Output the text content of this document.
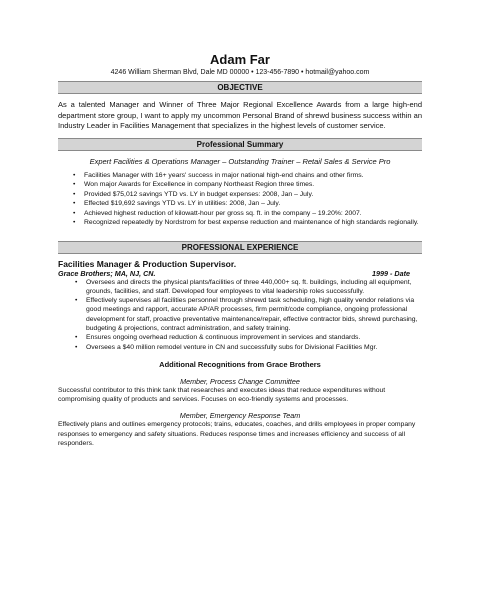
Adam Far
4246 William Sherman Blvd, Dale MD 00000 • 123-456-7890 • hotmail@yahoo.com
OBJECTIVE
As a talented Manager and Winner of Three Major Regional Excellence Awards from a large high-end department store group, I want to apply my uncommon Personal Brand of shrewd business success within an Industry Leader in Facilities Management that specializes in the highest levels of customer service.
Professional Summary
Expert Facilities & Operations Manager – Outstanding Trainer – Retail Sales & Service Pro
• Facilities Manager with 16+ years' success in major national high-end chains and other firms.
• Won major Awards for Excellence in company Northeast Region three times.
• Provided $75,012 savings YTD vs. LY in budget expenses: 2008, Jan – July.
• Effected $19,692 savings YTD vs. LY in utilities: 2008, Jan – July.
• Achieved highest reduction of kilowatt-hour per gross sq. ft. in the company – 19.20%: 2007.
• Recognized repeatedly by Nordstrom for best expense reduction and maintenance of high standards regionally.
PROFESSIONAL EXPERIENCE
Facilities Manager & Production Supervisor.
Grace Brothers; MA, NJ, CN.	1999 - Date
• Oversees and directs the physical plants/facilities of three 440,000+ sq. ft. buildings, including all equipment, grounds, facilities, and staff. Developed four employees to vital leadership roles successfully.
• Effectively supervises all facilities personnel through shrewd task scheduling, high quality vendor relations via good meetings and rapport, accurate AP/AR processes, firm permit/code compliance, ongoing professional development for staff, proactive preventative maintenance/repair, effective contractor bids, shrewd purchasing, budgeting & projections, contract administration, and safety training.
• Ensures ongoing overhead reduction & continuous improvement in services and standards.
• Oversees a $40 million remodel venture in CN and successfully subs for Divisional Facilities Mgr.
Additional Recognitions from Grace Brothers
Member, Process Change Committee
Successful contributor to this think tank that researches and executes ideas that reduce expenditures without compromising quality of products and services. Focuses on eco-friendly systems and processes.
Member, Emergency Response Team
Effectively plans and outlines emergency protocols; trains, educates, coaches, and drills employees in proper company responses to emergency and safety situations. Reduces response times and increases efficiency and success of all responders.
